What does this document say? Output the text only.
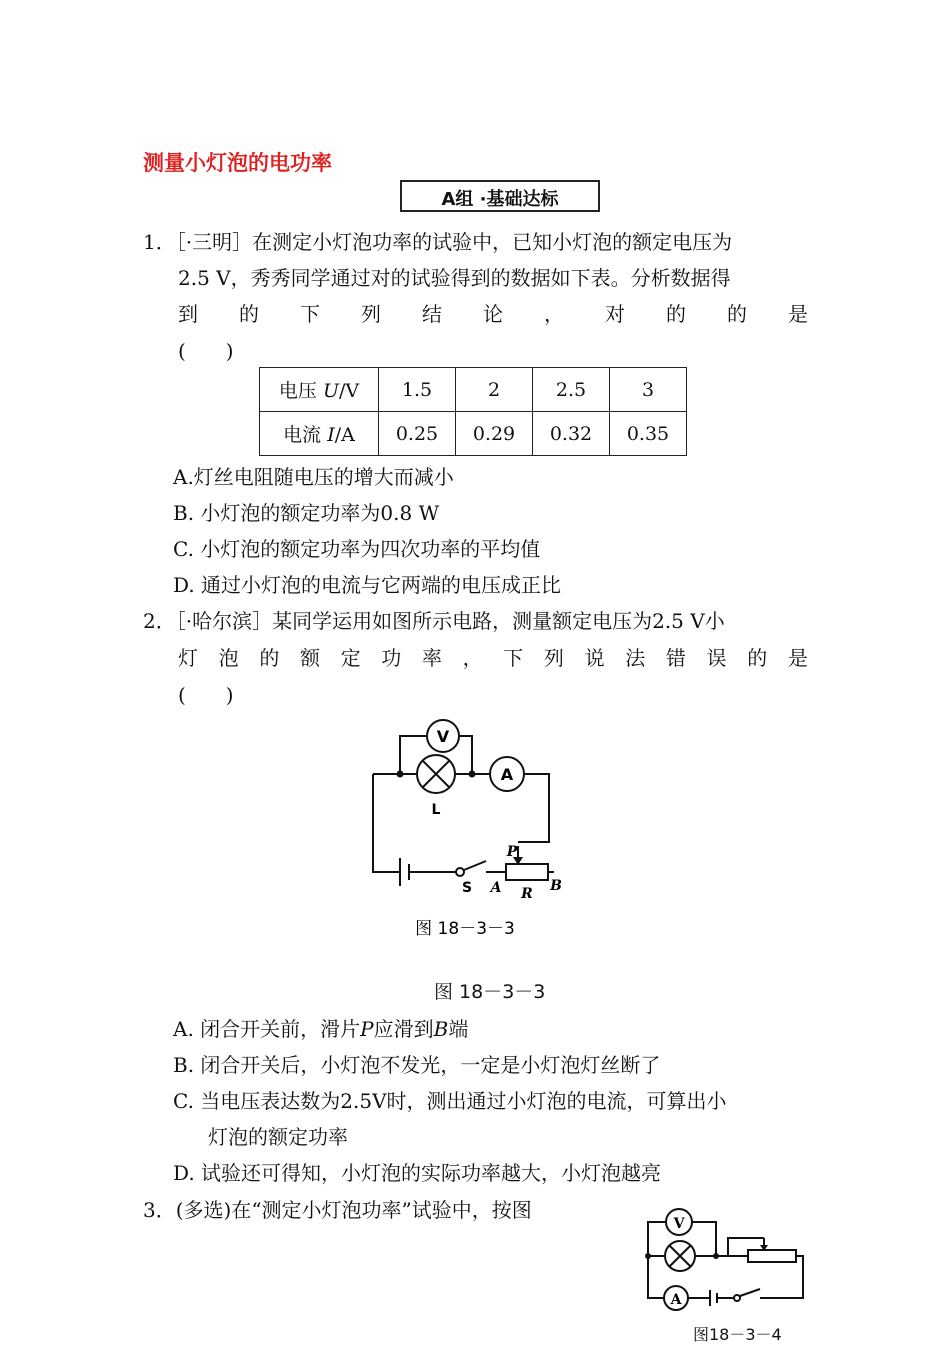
测量小灯泡的电功率
A组 ·基础达标
1．［·三明］在测定小灯泡功率的试验中，已知小灯泡的额定电压为
2.5 V，秀秀同学通过对的试验得到的数据如下表。分析数据得
到 的 下 列 结 论 ， 对 的 的 是
(　　)
电压 U/V	1.5	2	2.5	3
电流 I/A	0.25	0.29	0.32	0.35
A.灯丝电阻随电压的增大而减小
B. 小灯泡的额定功率为0.8 W
C. 小灯泡的额定功率为四次功率的平均值
D. 通过小灯泡的电流与它两端的电压成正比
2．［·哈尔滨］某同学运用如图所示电路，测量额定电压为2.5 V小
灯 泡 的 额 定 功 率 ， 下 列 说 法 错 误 的 是
(　　)
V
A
L
S
P
A R B
图 18－3－3
图 18－3－3
A. 闭合开关前，滑片P应滑到B端
B. 闭合开关后，小灯泡不发光，一定是小灯泡灯丝断了
C. 当电压表达数为2.5V时，测出通过小灯泡的电流，可算出小
灯泡的额定功率
D. 试验还可得知，小灯泡的实际功率越大，小灯泡越亮
3．(多选)在“测定小灯泡功率”试验中，按图
V
A
图18－3－4
